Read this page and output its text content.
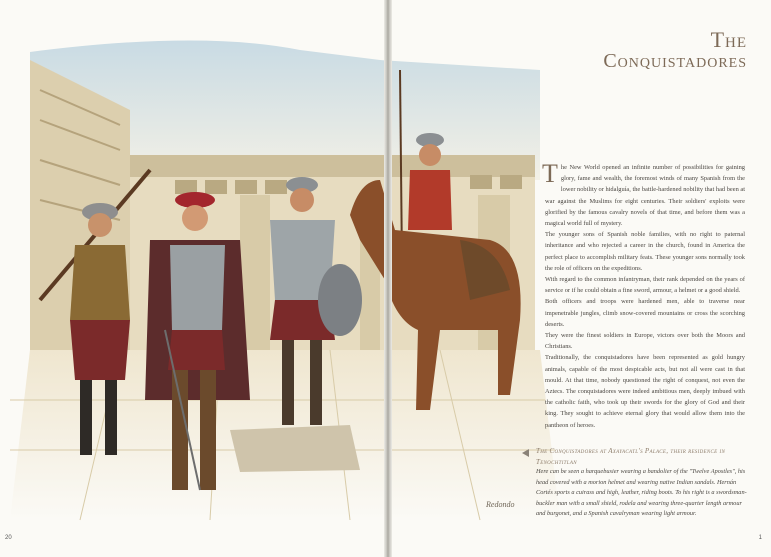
The
Conquistadores

The New World opened an infinite number of possibilities for gaining glory, fame and wealth, the foremost winds of many Spanish from the lower nobility or hidalguía, the battle-hardened nobility that had been at war against the Muslims for eight centuries. Their soldiers' exploits were glorified by the famous cavalry novels of that time, and before them was a magical world full of mystery.

The younger sons of Spanish noble families, with no right to paternal inheritance and who rejected a career in the church, found in America the perfect place to accomplish military feats. These younger sons normally took the role of officers on the expeditions.

With regard to the common infantryman, their rank depended on the years of service or if he could obtain a fine sword, armour, a helmet or a good shield.

Both officers and troops were hardened men, able to traverse near impenetrable jungles, climb snow-covered mountains or cross the scorching deserts.

They were the finest soldiers in Europe, victors over both the Moors and Christians.

Traditionally, the conquistadores have been represented as gold hungry animals, capable of the most despicable acts, but not all were cast in that mould. At that time, nobody questioned the right of conquest, not even the Aztecs. The conquistadores were indeed ambitious men, deeply imbued with the catholic faith, who took up their swords for the glory of God and their king. They sought to achieve eternal glory that would allow them into the pantheon of heroes.

The Conquistadores at Axayacatl's Palace, their residence in Tenochtitlan
Here can be seen a harquebusier wearing a bandolier of the "Twelve Apostles", his head covered with a morion helmet and wearing native Indian sandals. Hernán Cortés sports a cuirass and high, leather, riding boots. To his right is a swordsman-buckler man with a small shield, rodela and wearing three-quarter length armour and burgonet, and a Spanish cavalryman wearing light armour.
Redondo
20	1
